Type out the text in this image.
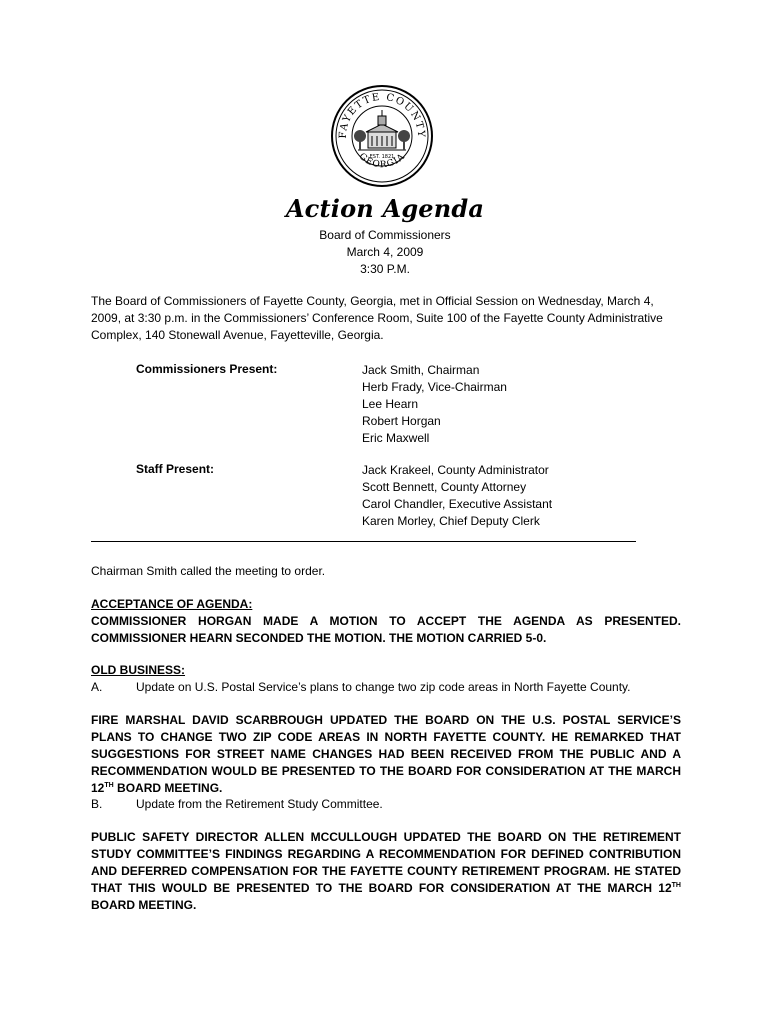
FAYETTE COUNTY
GEORGIA
EST. 1821
Action Agenda
Board of Commissioners
March 4, 2009
3:30 P.M.
The Board of Commissioners of Fayette County, Georgia, met in Official Session on Wednesday, March 4, 2009, at 3:30 p.m. in the Commissioners’ Conference Room, Suite 100 of the Fayette County Administrative Complex, 140 Stonewall Avenue, Fayetteville, Georgia.
Commissioners Present:	Jack Smith, Chairman
Herb Frady, Vice-Chairman
Lee Hearn
Robert Horgan
Eric Maxwell
Staff Present:	Jack Krakeel, County Administrator
Scott Bennett, County Attorney
Carol Chandler, Executive Assistant
Karen Morley, Chief Deputy Clerk
Chairman Smith called the meeting to order.
ACCEPTANCE OF AGENDA:
COMMISSIONER HORGAN MADE A MOTION TO ACCEPT THE AGENDA AS PRESENTED. COMMISSIONER HEARN SECONDED THE MOTION. THE MOTION CARRIED 5-0.
OLD BUSINESS:
A.	Update on U.S. Postal Service’s plans to change two zip code areas in North Fayette County.
FIRE MARSHAL DAVID SCARBROUGH UPDATED THE BOARD ON THE U.S. POSTAL SERVICE’S PLANS TO CHANGE TWO ZIP CODE AREAS IN NORTH FAYETTE COUNTY. HE REMARKED THAT SUGGESTIONS FOR STREET NAME CHANGES HAD BEEN RECEIVED FROM THE PUBLIC AND A RECOMMENDATION WOULD BE PRESENTED TO THE BOARD FOR CONSIDERATION AT THE MARCH 12TH BOARD MEETING.
B.	Update from the Retirement Study Committee.
PUBLIC SAFETY DIRECTOR ALLEN MCCULLOUGH UPDATED THE BOARD ON THE RETIREMENT STUDY COMMITTEE’S FINDINGS REGARDING A RECOMMENDATION FOR DEFINED CONTRIBUTION AND DEFERRED COMPENSATION FOR THE FAYETTE COUNTY RETIREMENT PROGRAM. HE STATED THAT THIS WOULD BE PRESENTED TO THE BOARD FOR CONSIDERATION AT THE MARCH 12TH BOARD MEETING.
